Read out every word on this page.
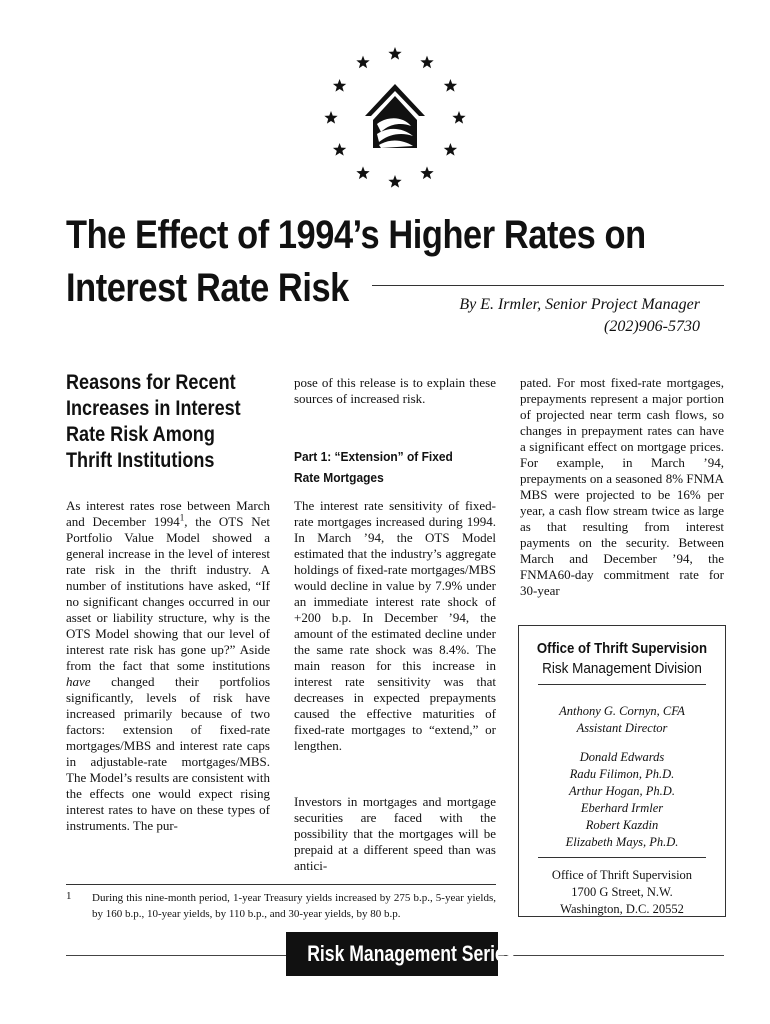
The Effect of 1994’s Higher Rates on
Interest Rate Risk	By E. Irmler, Senior Project Manager
(202)906-5730
Reasons for Recent
Increases in Interest
Rate Risk Among
Thrift Institutions
As interest rates rose between March and December 1994$^1$, the OTS Net Portfolio Value Model showed a general increase in the level of interest rate risk in the thrift industry. A number of institutions have asked, “If no significant changes occurred in our asset or liability structure, why is the OTS Model showing that our level of interest rate risk has gone up?” Aside from the fact that some institutions have changed their portfolios significantly, levels of risk have increased primarily because of two factors: extension of fixed-rate mortgages/MBS and interest rate caps in adjustable-rate mortgages/MBS. The Model’s results are consistent with the effects one would expect rising interest rates to have on these types of instruments. The pur-
pose of this release is to explain these sources of increased risk.
Part 1: “Extension” of Fixed
Rate Mortgages
The interest rate sensitivity of fixed-rate mortgages increased during 1994. In March ’94, the OTS Model estimated that the industry’s aggregate holdings of fixed-rate mortgages/MBS would decline in value by 7.9% under an immediate interest rate shock of +200 b.p. In December ’94, the amount of the estimated decline under the same rate shock was 8.4%. The main reason for this increase in interest rate sensitivity was that decreases in expected prepayments caused the effective maturities of fixed-rate mortgages to “extend,” or lengthen.
Investors in mortgages and mortgage securities are faced with the possibility that the mortgages will be prepaid at a different speed than was antici-
pated. For most fixed-rate mortgages, prepayments represent a major portion of projected near term cash flows, so changes in prepayment rates can have a significant effect on mortgage prices. For example, in March ’94, prepayments on a seasoned 8% FNMA MBS were projected to be 16% per year, a cash flow stream twice as large as that resulting from interest payments on the security. Between March and December ’94, the FNMA60-day commitment rate for 30-year
1 During this nine-month period, 1-year Treasury yields increased by 275 b.p., 5-year yields, by 160 b.p., 10-year yields, by 110 b.p., and 30-year yields, by 80 b.p.
Office of Thrift Supervision
Risk Management Division
Anthony G. Cornyn, CFA
Assistant Director
Donald Edwards
Radu Filimon, Ph.D.
Arthur Hogan, Ph.D.
Eberhard Irmler
Robert Kazdin
Elizabeth Mays, Ph.D.
Office of Thrift Supervision
1700 G Street, N.W.
Washington, D.C. 20552
Risk Management Series
